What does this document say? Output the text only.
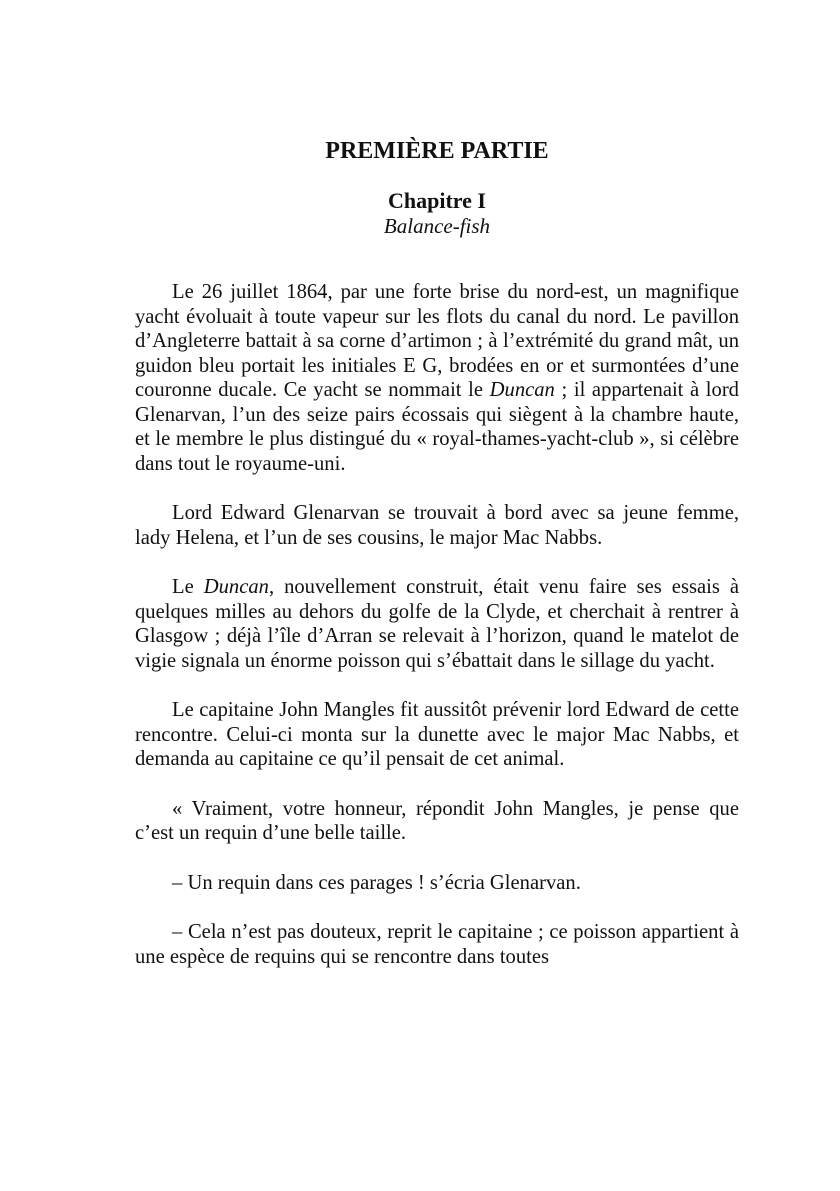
PREMIÈRE PARTIE
Chapitre I

Balance-fish

Le 26 juillet 1864, par une forte brise du nord-est, un magnifique yacht évoluait à toute vapeur sur les flots du canal du nord. Le pavillon d’Angleterre battait à sa corne d’artimon ; à l’extrémité du grand mât, un guidon bleu portait les initiales E G, brodées en or et surmontées d’une couronne ducale. Ce yacht se nommait le Duncan ; il appartenait à lord Glenarvan, l’un des seize pairs écossais qui siègent à la chambre haute, et le membre le plus distingué du « royal-thames-yacht-club », si célèbre dans tout le royaume-uni.

Lord Edward Glenarvan se trouvait à bord avec sa jeune femme, lady Helena, et l’un de ses cousins, le major Mac Nabbs.

Le Duncan, nouvellement construit, était venu faire ses essais à quelques milles au dehors du golfe de la Clyde, et cherchait à rentrer à Glasgow ; déjà l’île d’Arran se relevait à l’horizon, quand le matelot de vigie signala un énorme poisson qui s’ébattait dans le sillage du yacht.

Le capitaine John Mangles fit aussitôt prévenir lord Edward de cette rencontre. Celui-ci monta sur la dunette avec le major Mac Nabbs, et demanda au capitaine ce qu’il pensait de cet animal.

« Vraiment, votre honneur, répondit John Mangles, je pense que c’est un requin d’une belle taille.

– Un requin dans ces parages ! s’écria Glenarvan.

– Cela n’est pas douteux, reprit le capitaine ; ce poisson appartient à une espèce de requins qui se rencontre dans toutes
